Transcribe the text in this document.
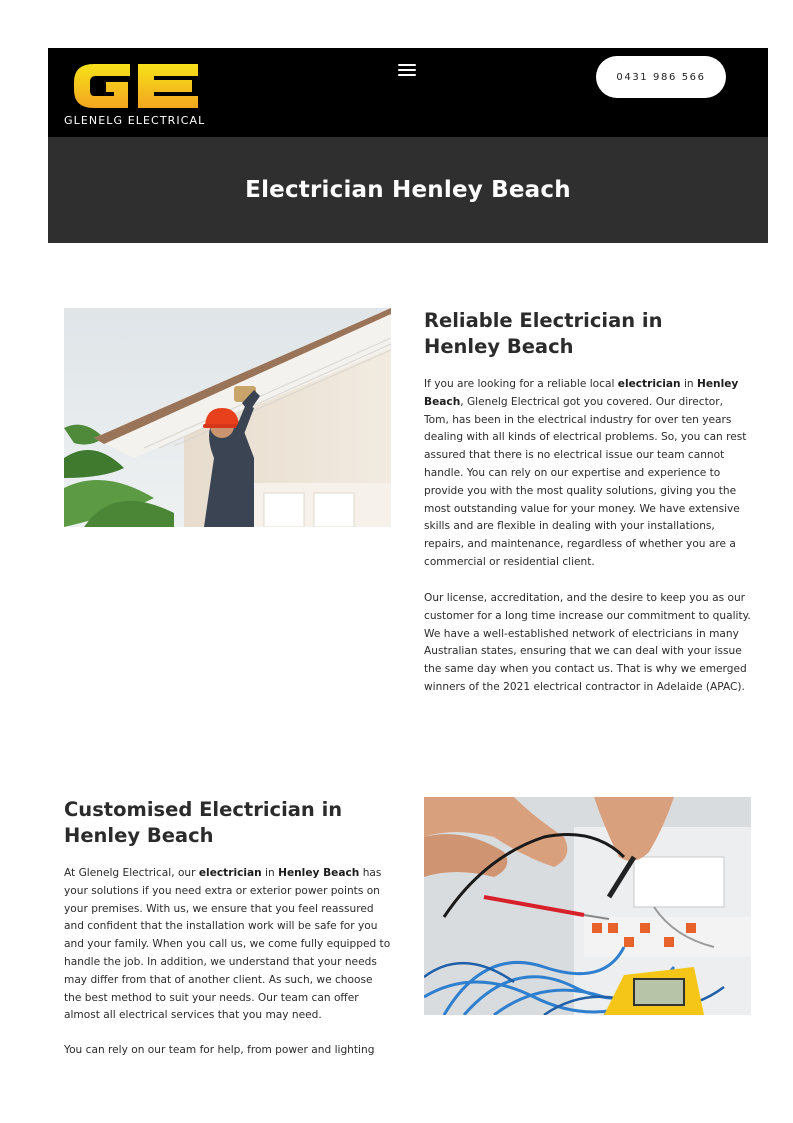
GLENELG ELECTRICAL
0431 986 566
Electrician Henley Beach
Reliable Electrician in Henley Beach

If you are looking for a reliable local electrician in Henley Beach, Glenelg Electrical got you covered. Our director, Tom, has been in the electrical industry for over ten years dealing with all kinds of electrical problems. So, you can rest assured that there is no electrical issue our team cannot handle. You can rely on our expertise and experience to provide you with the most quality solutions, giving you the most outstanding value for your money. We have extensive skills and are flexible in dealing with your installations, repairs, and maintenance, regardless of whether you are a commercial or residential client.

Our license, accreditation, and the desire to keep you as our customer for a long time increase our commitment to quality. We have a well-established network of electricians in many Australian states, ensuring that we can deal with your issue the same day when you contact us. That is why we emerged winners of the 2021 electrical contractor in Adelaide (APAC).

Customised Electrician in Henley Beach

At Glenelg Electrical, our electrician in Henley Beach has your solutions if you need extra or exterior power points on your premises. With us, we ensure that you feel reassured and confident that the installation work will be safe for you and your family. When you call us, we come fully equipped to handle the job. In addition, we understand that your needs may differ from that of another client. As such, we choose the best method to suit your needs. Our team can offer almost all electrical services that you may need.

You can rely on our team for help, from power and lighting
